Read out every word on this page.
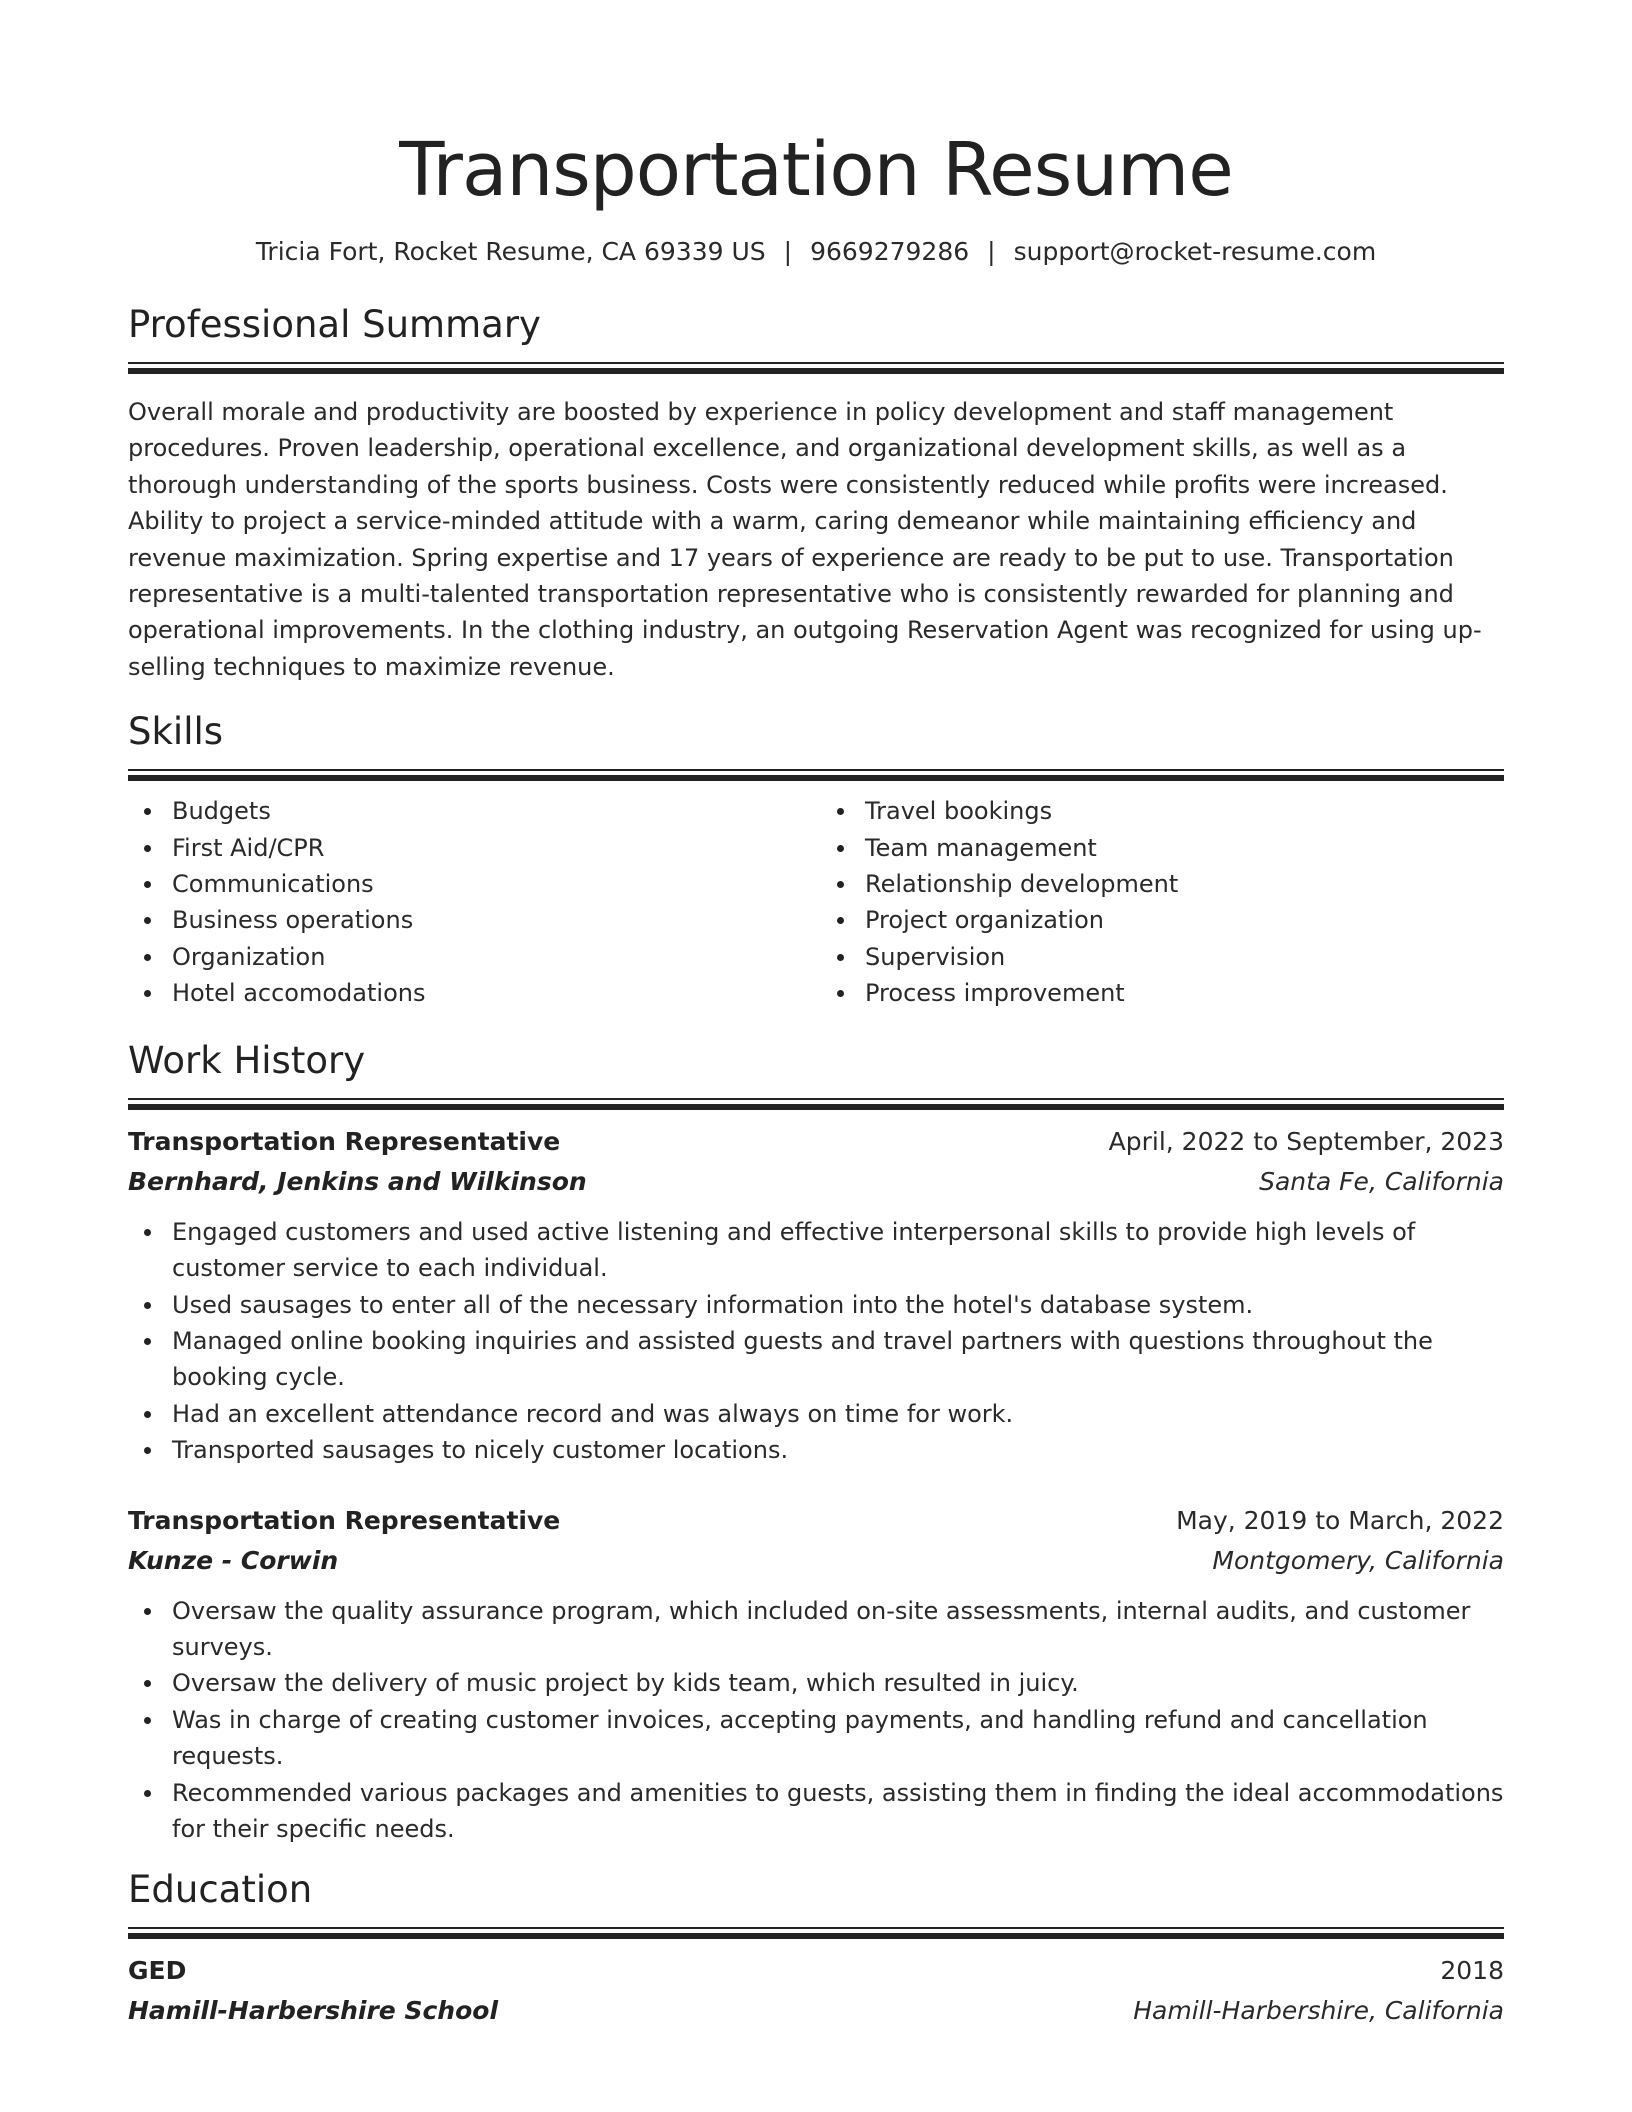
Transportation Resume
Tricia Fort, Rocket Resume, CA 69339 US | 9669279286 | support@rocket-resume.com
Professional Summary

Overall morale and productivity are boosted by experience in policy development and staff management procedures. Proven leadership, operational excellence, and organizational development skills, as well as a thorough understanding of the sports business. Costs were consistently reduced while profits were increased. Ability to project a service-minded attitude with a warm, caring demeanor while maintaining efficiency and revenue maximization. Spring expertise and 17 years of experience are ready to be put to use. Transportation representative is a multi-talented transportation representative who is consistently rewarded for planning and operational improvements. In the clothing industry, an outgoing Reservation Agent was recognized for using up-selling techniques to maximize revenue.

Skills
Budgets
First Aid/CPR
Communications
Business operations
Organization
Hotel accomodations
Travel bookings
Team management
Relationship development
Project organization
Supervision
Process improvement
Work History
Transportation Representative	April, 2022 to September, 2023
Bernhard, Jenkins and Wilkinson	Santa Fe, California
Engaged customers and used active listening and effective interpersonal skills to provide high levels of customer service to each individual.
Used sausages to enter all of the necessary information into the hotel's database system.
Managed online booking inquiries and assisted guests and travel partners with questions throughout the booking cycle.
Had an excellent attendance record and was always on time for work.
Transported sausages to nicely customer locations.
Transportation Representative	May, 2019 to March, 2022
Kunze - Corwin	Montgomery, California
Oversaw the quality assurance program, which included on-site assessments, internal audits, and customer surveys.
Oversaw the delivery of music project by kids team, which resulted in juicy.
Was in charge of creating customer invoices, accepting payments, and handling refund and cancellation requests.
Recommended various packages and amenities to guests, assisting them in finding the ideal accommodations for their specific needs.
Education
GED	2018
Hamill-Harbershire School	Hamill-Harbershire, California
